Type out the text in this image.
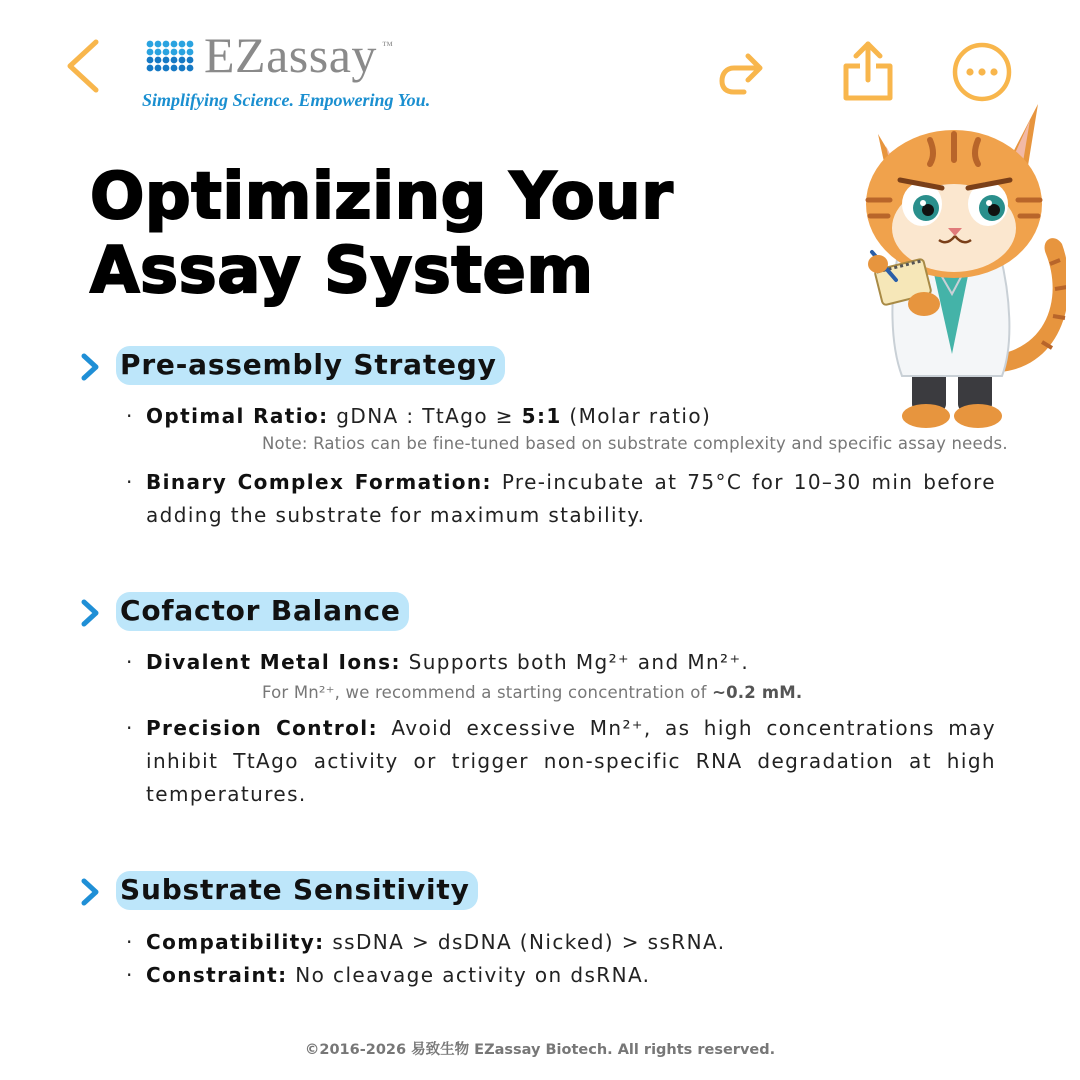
EZassay ™
Simplifying Science. Empowering You.
Optimizing Your
Assay System
Pre-assembly Strategy
· Optimal Ratio: gDNA : TtAgo ≥ 5:1 (Molar ratio)
Note: Ratios can be fine-tuned based on substrate complexity and specific assay needs.
· Binary Complex Formation: Pre-incubate at 75°C for 10–30 min before adding the substrate for maximum stability.
Cofactor Balance
· Divalent Metal Ions: Supports both Mg²⁺ and Mn²⁺.
For Mn²⁺, we recommend a starting concentration of ~0.2 mM.
· Precision Control: Avoid excessive Mn²⁺, as high concentrations may inhibit TtAgo activity or trigger non-specific RNA degradation at high temperatures.
Substrate Sensitivity
· Compatibility: ssDNA > dsDNA (Nicked) > ssRNA.
· Constraint: No cleavage activity on dsRNA.
©2016-2026 易致生物 EZassay Biotech. All rights reserved.
